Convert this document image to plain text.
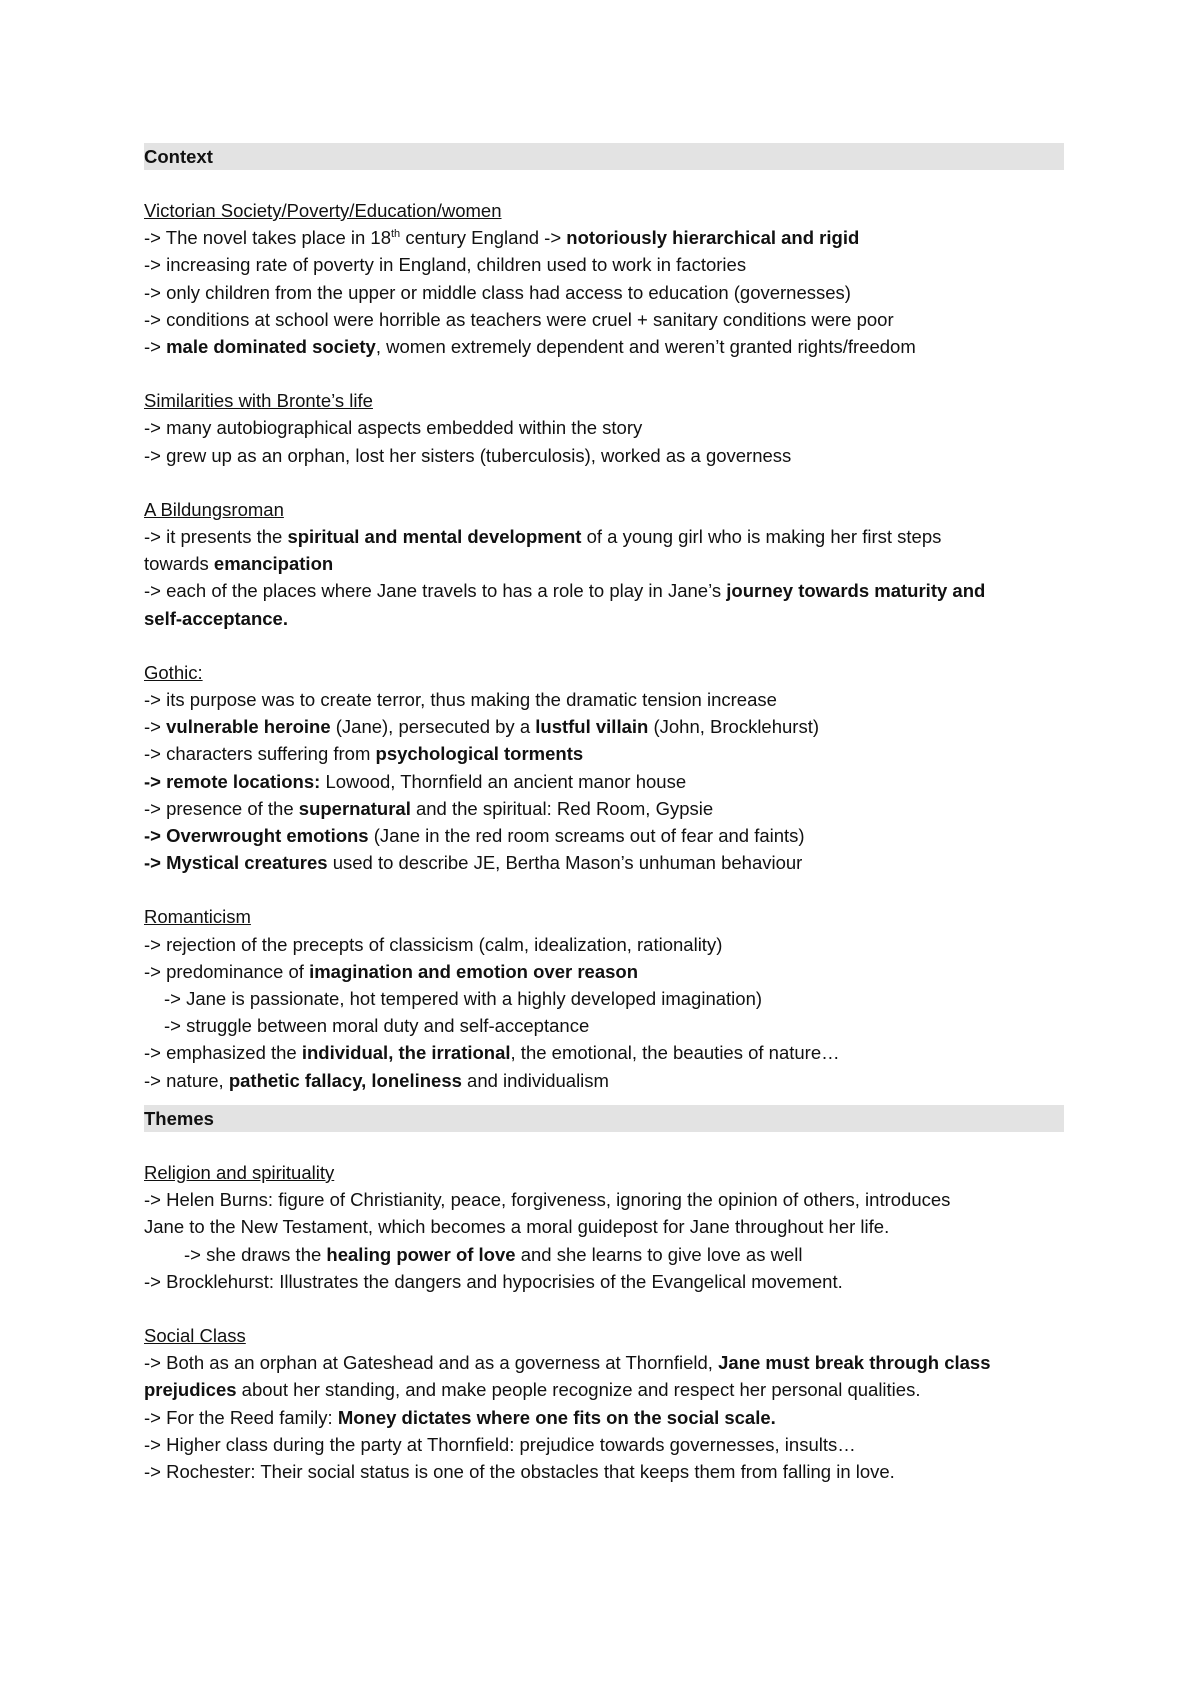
Context
Victorian Society/Poverty/Education/women
-> The novel takes place in 18th century England -> notoriously hierarchical and rigid
-> increasing rate of poverty in England, children used to work in factories
-> only children from the upper or middle class had access to education (governesses)
-> conditions at school were horrible as teachers were cruel + sanitary conditions were poor
-> male dominated society, women extremely dependent and weren’t granted rights/freedom
Similarities with Bronte’s life
-> many autobiographical aspects embedded within the story
-> grew up as an orphan, lost her sisters (tuberculosis), worked as a governess
A Bildungsroman
-> it presents the spiritual and mental development of a young girl who is making her first steps
towards emancipation
-> each of the places where Jane travels to has a role to play in Jane’s journey towards maturity and
self-acceptance.
Gothic:
-> its purpose was to create terror, thus making the dramatic tension increase
-> vulnerable heroine (Jane), persecuted by a lustful villain (John, Brocklehurst)
-> characters suffering from psychological torments
-> remote locations: Lowood, Thornfield an ancient manor house
-> presence of the supernatural and the spiritual: Red Room, Gypsie
-> Overwrought emotions (Jane in the red room screams out of fear and faints)
-> Mystical creatures used to describe JE, Bertha Mason’s unhuman behaviour
Romanticism
-> rejection of the precepts of classicism (calm, idealization, rationality)
-> predominance of imagination and emotion over reason
-> Jane is passionate, hot tempered with a highly developed imagination)
-> struggle between moral duty and self-acceptance
-> emphasized the individual, the irrational, the emotional, the beauties of nature…
-> nature, pathetic fallacy, loneliness and individualism
Themes
Religion and spirituality
-> Helen Burns: figure of Christianity, peace, forgiveness, ignoring the opinion of others, introduces
Jane to the New Testament, which becomes a moral guidepost for Jane throughout her life.
-> she draws the healing power of love and she learns to give love as well
-> Brocklehurst: Illustrates the dangers and hypocrisies of the Evangelical movement.
Social Class
-> Both as an orphan at Gateshead and as a governess at Thornfield, Jane must break through class
prejudices about her standing, and make people recognize and respect her personal qualities.
-> For the Reed family: Money dictates where one fits on the social scale.
-> Higher class during the party at Thornfield: prejudice towards governesses, insults…
-> Rochester: Their social status is one of the obstacles that keeps them from falling in love.
